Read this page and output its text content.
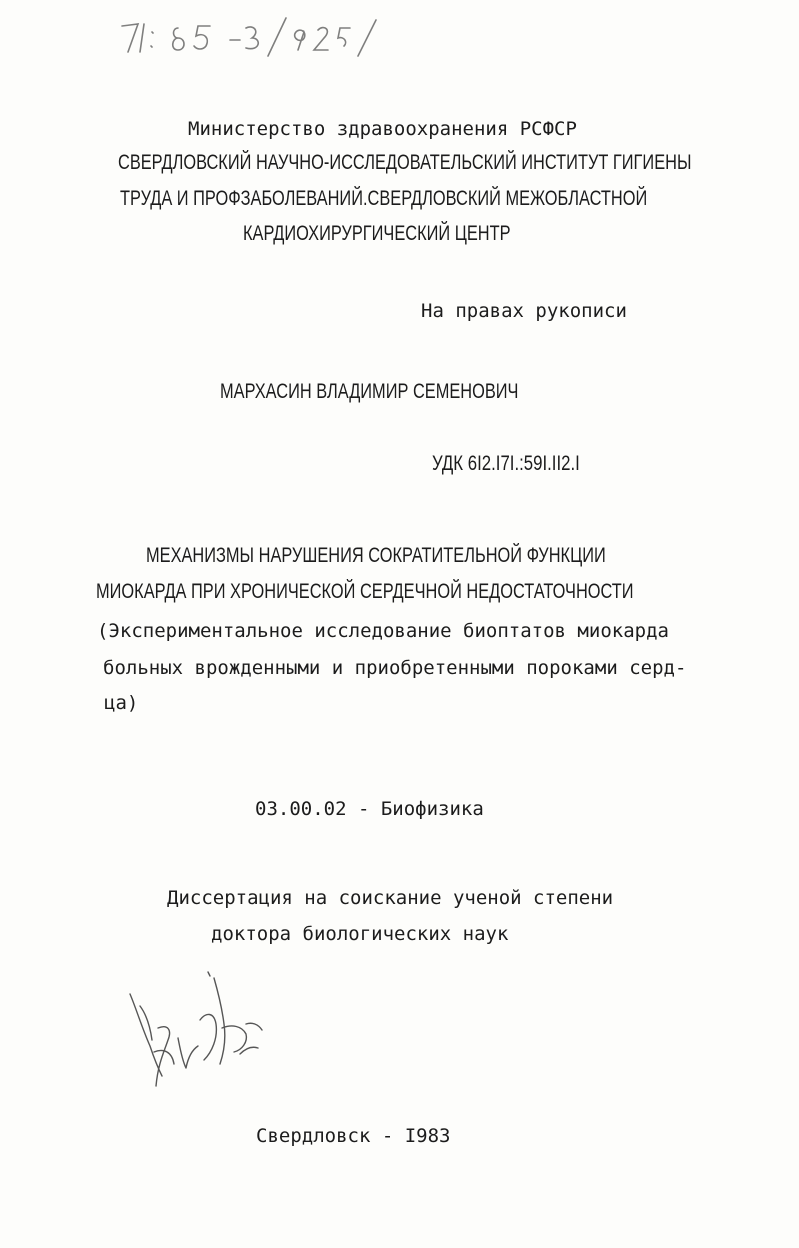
Министерство здравоохранения РСФСР
СВЕРДЛОВСКИЙ НАУЧНО-ИССЛЕДОВАТЕЛЬСКИЙ ИНСТИТУТ ГИГИЕНЫ
ТРУДА И ПРОФЗАБОЛЕВАНИЙ.СВЕРДЛОВСКИЙ МЕЖОБЛАСТНОЙ
КАРДИОХИРУРГИЧЕСКИЙ ЦЕНТР
На правах рукописи
МАРХАСИН ВЛАДИМИР СЕМЕНОВИЧ
УДК 6I2.I7I.:59I.II2.I
МЕХАНИЗМЫ НАРУШЕНИЯ СОКРАТИТЕЛЬНОЙ ФУНКЦИИ
МИОКАРДА ПРИ ХРОНИЧЕСКОЙ СЕРДЕЧНОЙ НЕДОСТАТОЧНОСТИ
(Экспериментальное исследование биоптатов миокарда
больных врожденными и приобретенными пороками серд-
ца)
03.00.02 - Биофизика
Диссертация на соискание ученой степени
доктора биологических наук
Свердловск - I983
